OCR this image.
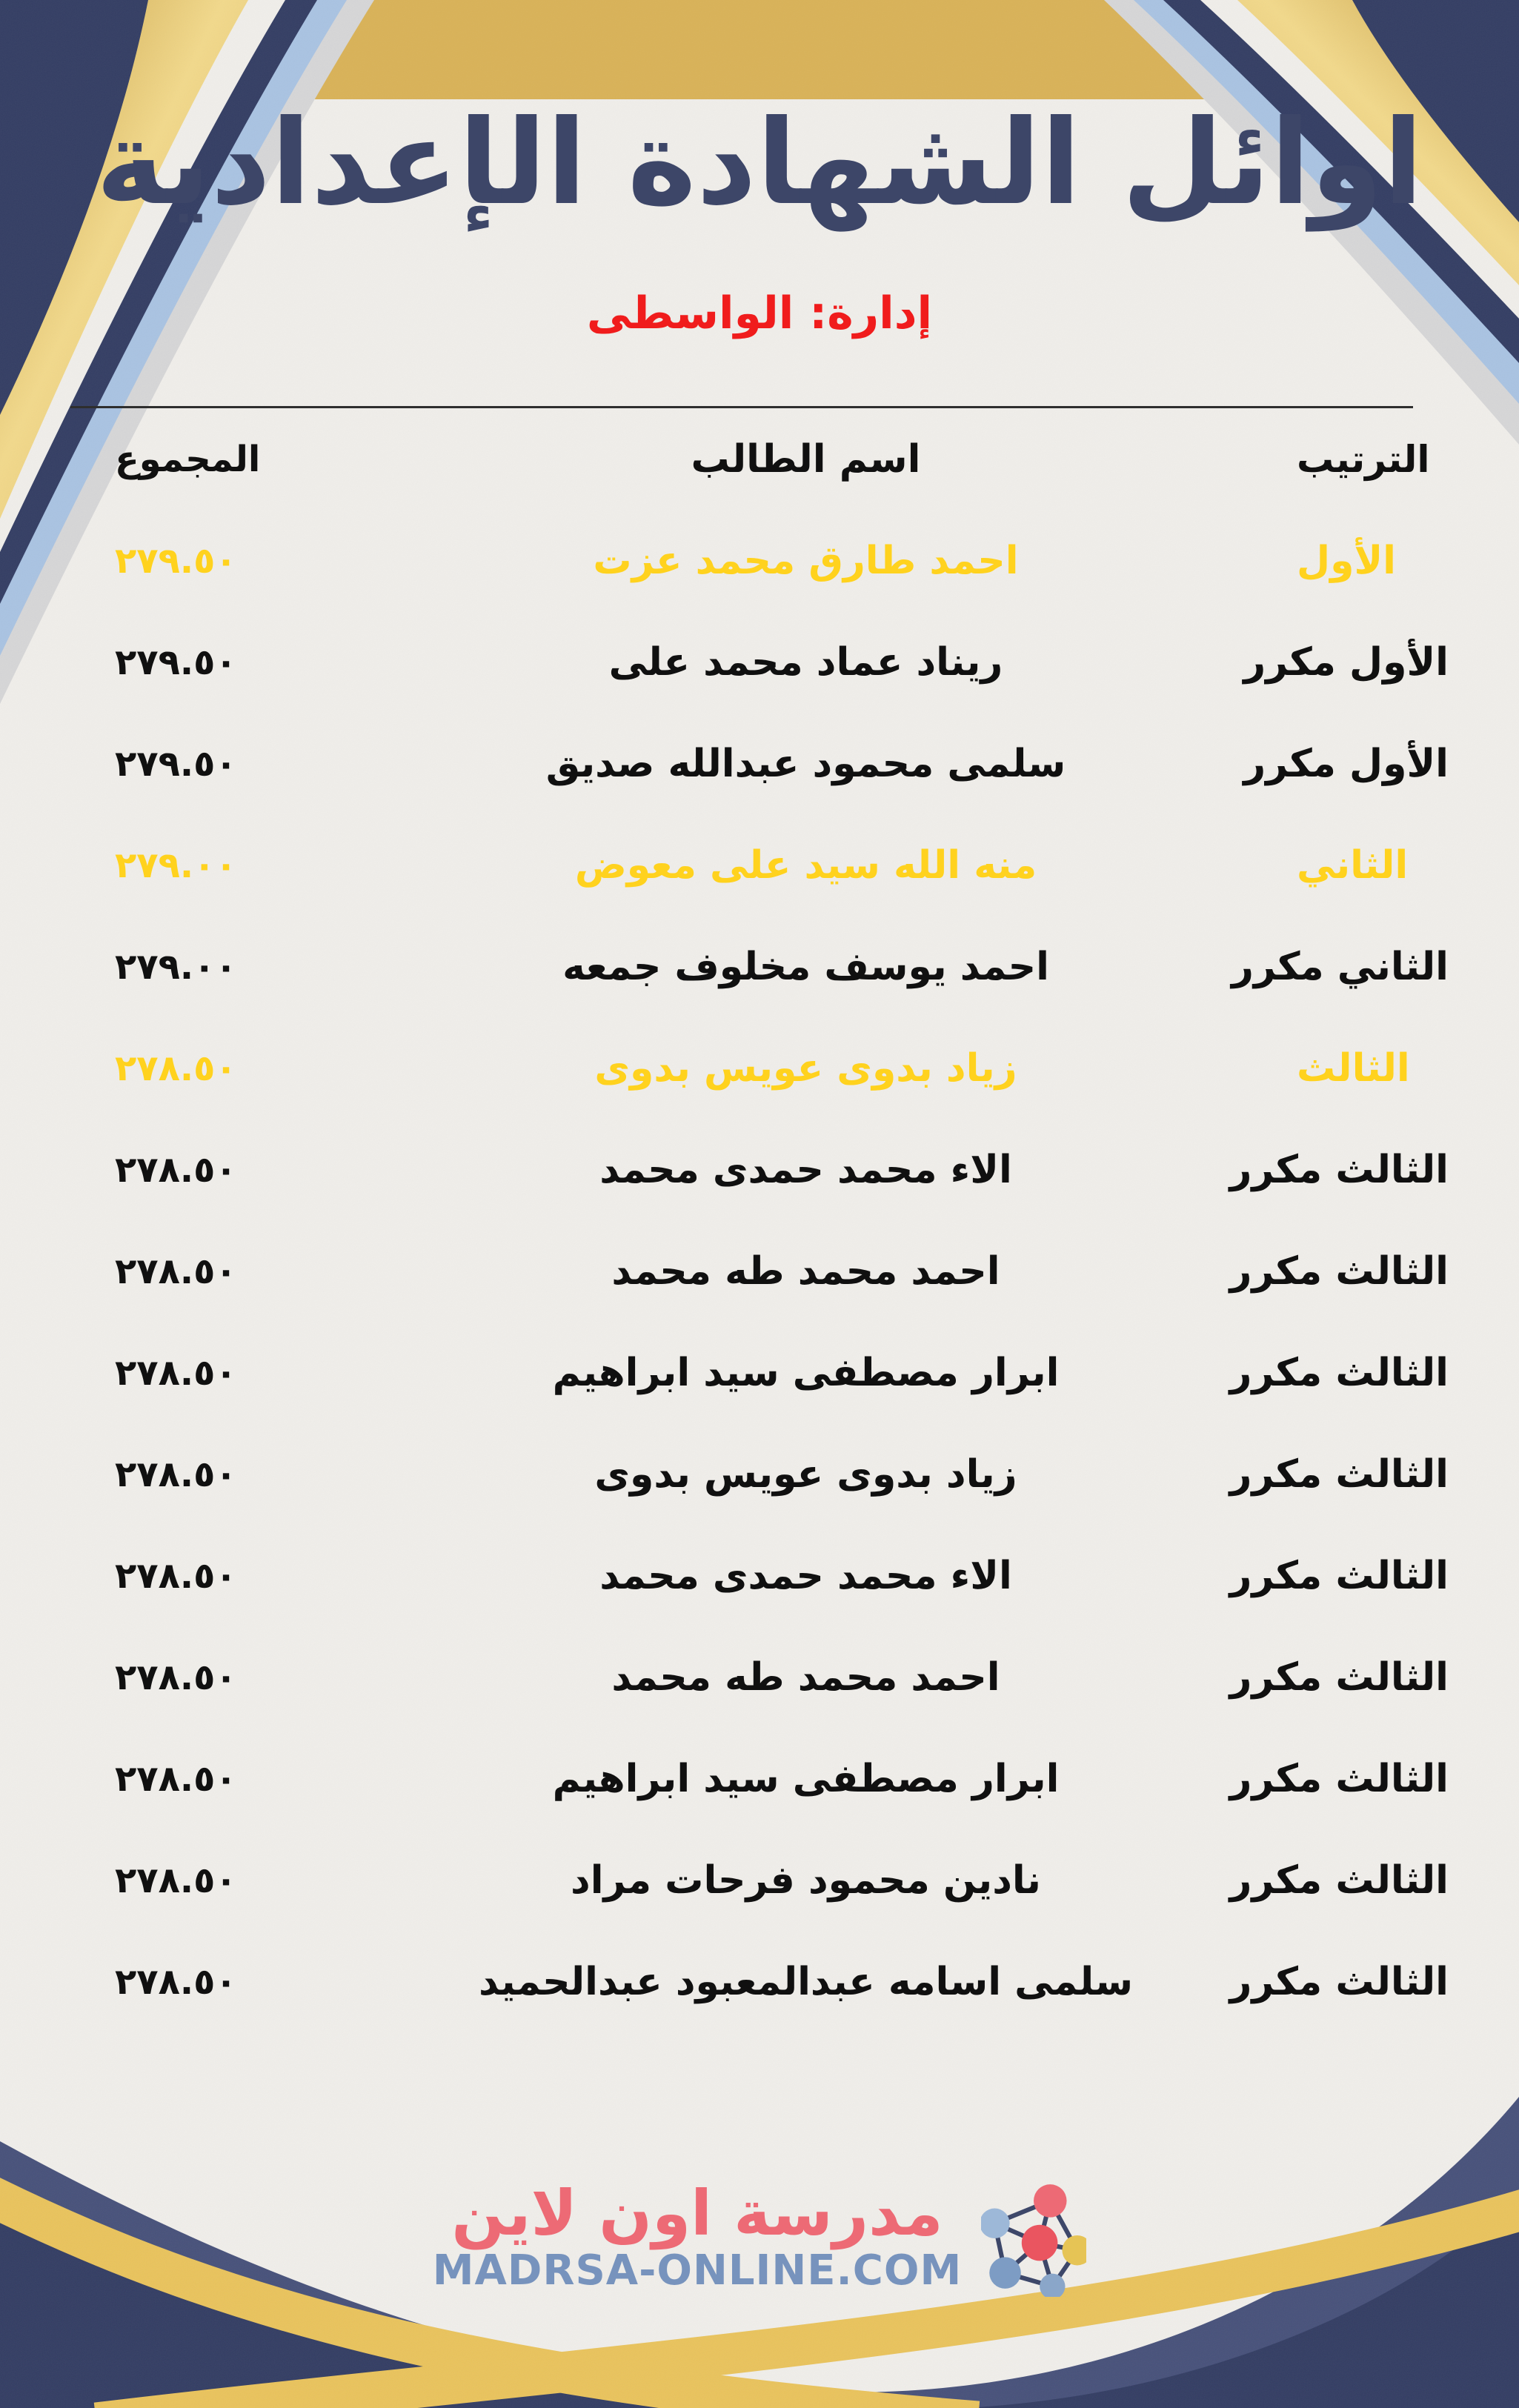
اوائل الشهادة الإعدادية
إدارة: الواسطى
الترتيب
اسم الطالب
المجموع
الأول
احمد طارق محمد عزت
٢٧٩.٥٠
الأول مكرر
ريناد عماد محمد على
٢٧٩.٥٠
الأول مكرر
سلمى محمود عبدالله صديق
٢٧٩.٥٠
الثاني
منه الله سيد على معوض
٢٧٩.٠٠
الثاني مكرر
احمد يوسف مخلوف جمعه
٢٧٩.٠٠
الثالث
زياد بدوى عويس بدوى
٢٧٨.٥٠
الثالث مكرر
الاء محمد حمدى محمد
٢٧٨.٥٠
الثالث مكرر
احمد محمد طه محمد
٢٧٨.٥٠
الثالث مكرر
ابرار مصطفى سيد ابراهيم
٢٧٨.٥٠
الثالث مكرر
زياد بدوى عويس بدوى
٢٧٨.٥٠
الثالث مكرر
الاء محمد حمدى محمد
٢٧٨.٥٠
الثالث مكرر
احمد محمد طه محمد
٢٧٨.٥٠
الثالث مكرر
ابرار مصطفى سيد ابراهيم
٢٧٨.٥٠
الثالث مكرر
نادين محمود فرحات مراد
٢٧٨.٥٠
الثالث مكرر
سلمى اسامه عبدالمعبود عبدالحميد
٢٧٨.٥٠
مدرسة اون لاين
MADRSA-ONLINE.COM
